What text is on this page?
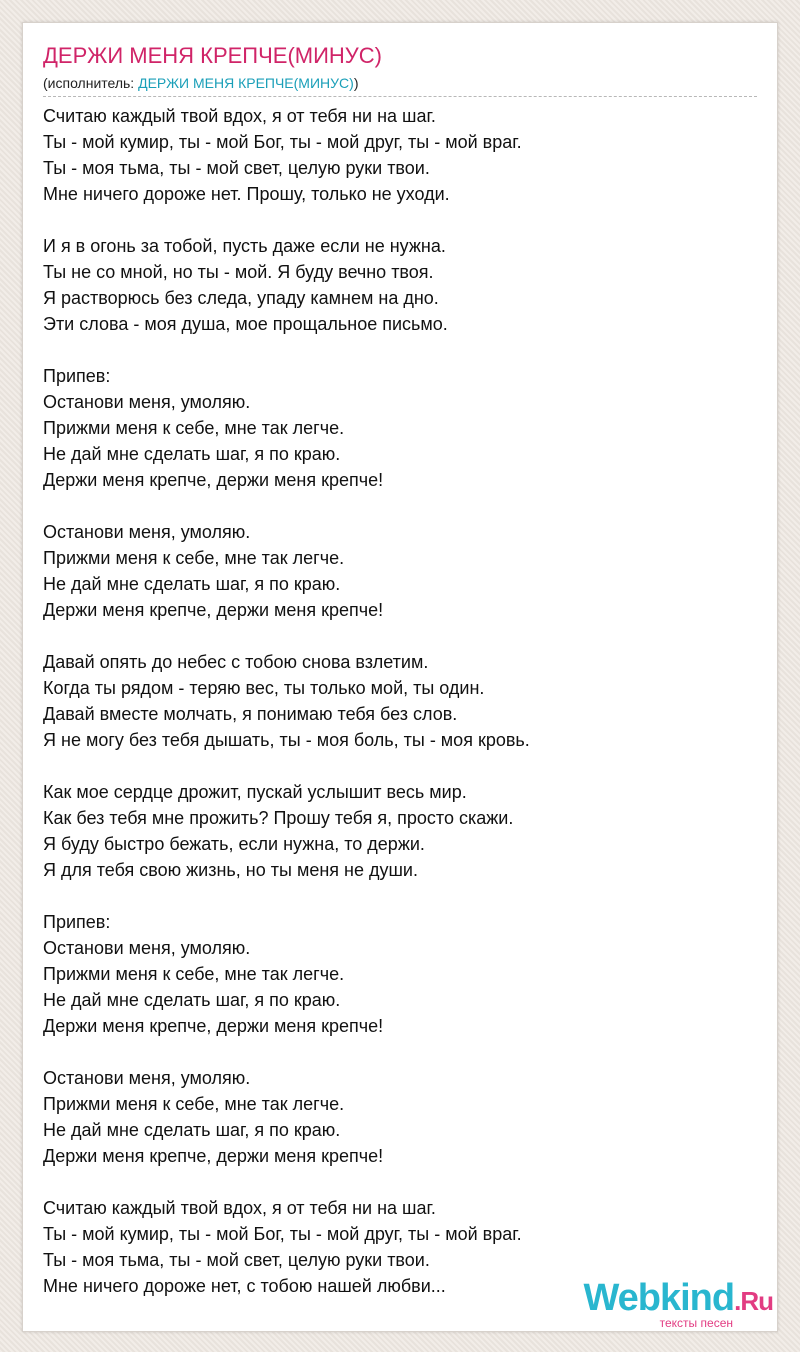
ДЕРЖИ МЕНЯ КРЕПЧЕ(МИНУС)
(исполнитель: ДЕРЖИ МЕНЯ КРЕПЧЕ(МИНУС))
Считаю каждый твой вдох, я от тебя ни на шаг.
Ты - мой кумир, ты - мой Бог, ты - мой друг, ты - мой враг.
Ты - моя тьма, ты - мой свет, целую руки твои.
Мне ничего дороже нет. Прошу, только не уходи.
И я в огонь за тобой, пусть даже если не нужна.
Ты не со мной, но ты - мой. Я буду вечно твоя.
Я растворюсь без следа, упаду камнем на дно.
Эти слова - моя душа, мое прощальное письмо.
Припев:
Останови меня, умоляю.
Прижми меня к себе, мне так легче.
Не дай мне сделать шаг, я по краю.
Держи меня крепче, держи меня крепче!
Останови меня, умоляю.
Прижми меня к себе, мне так легче.
Не дай мне сделать шаг, я по краю.
Держи меня крепче, держи меня крепче!
Давай опять до небес с тобою снова взлетим.
Когда ты рядом - теряю вес, ты только мой, ты один.
Давай вместе молчать, я понимаю тебя без слов.
Я не могу без тебя дышать, ты - моя боль, ты - моя кровь.
Как мое сердце дрожит, пускай услышит весь мир.
Как без тебя мне прожить? Прошу тебя я, просто скажи.
Я буду быстро бежать, если нужна, то держи.
Я для тебя свою жизнь, но ты меня не души.
Припев:
Останови меня, умоляю.
Прижми меня к себе, мне так легче.
Не дай мне сделать шаг, я по краю.
Держи меня крепче, держи меня крепче!
Останови меня, умоляю.
Прижми меня к себе, мне так легче.
Не дай мне сделать шаг, я по краю.
Держи меня крепче, держи меня крепче!
Считаю каждый твой вдох, я от тебя ни на шаг.
Ты - мой кумир, ты - мой Бог, ты - мой друг, ты - мой враг.
Ты - моя тьма, ты - мой свет, целую руки твои.
Мне ничего дороже нет, с тобою нашей любви...	Webkind.Ru
тексты песен
